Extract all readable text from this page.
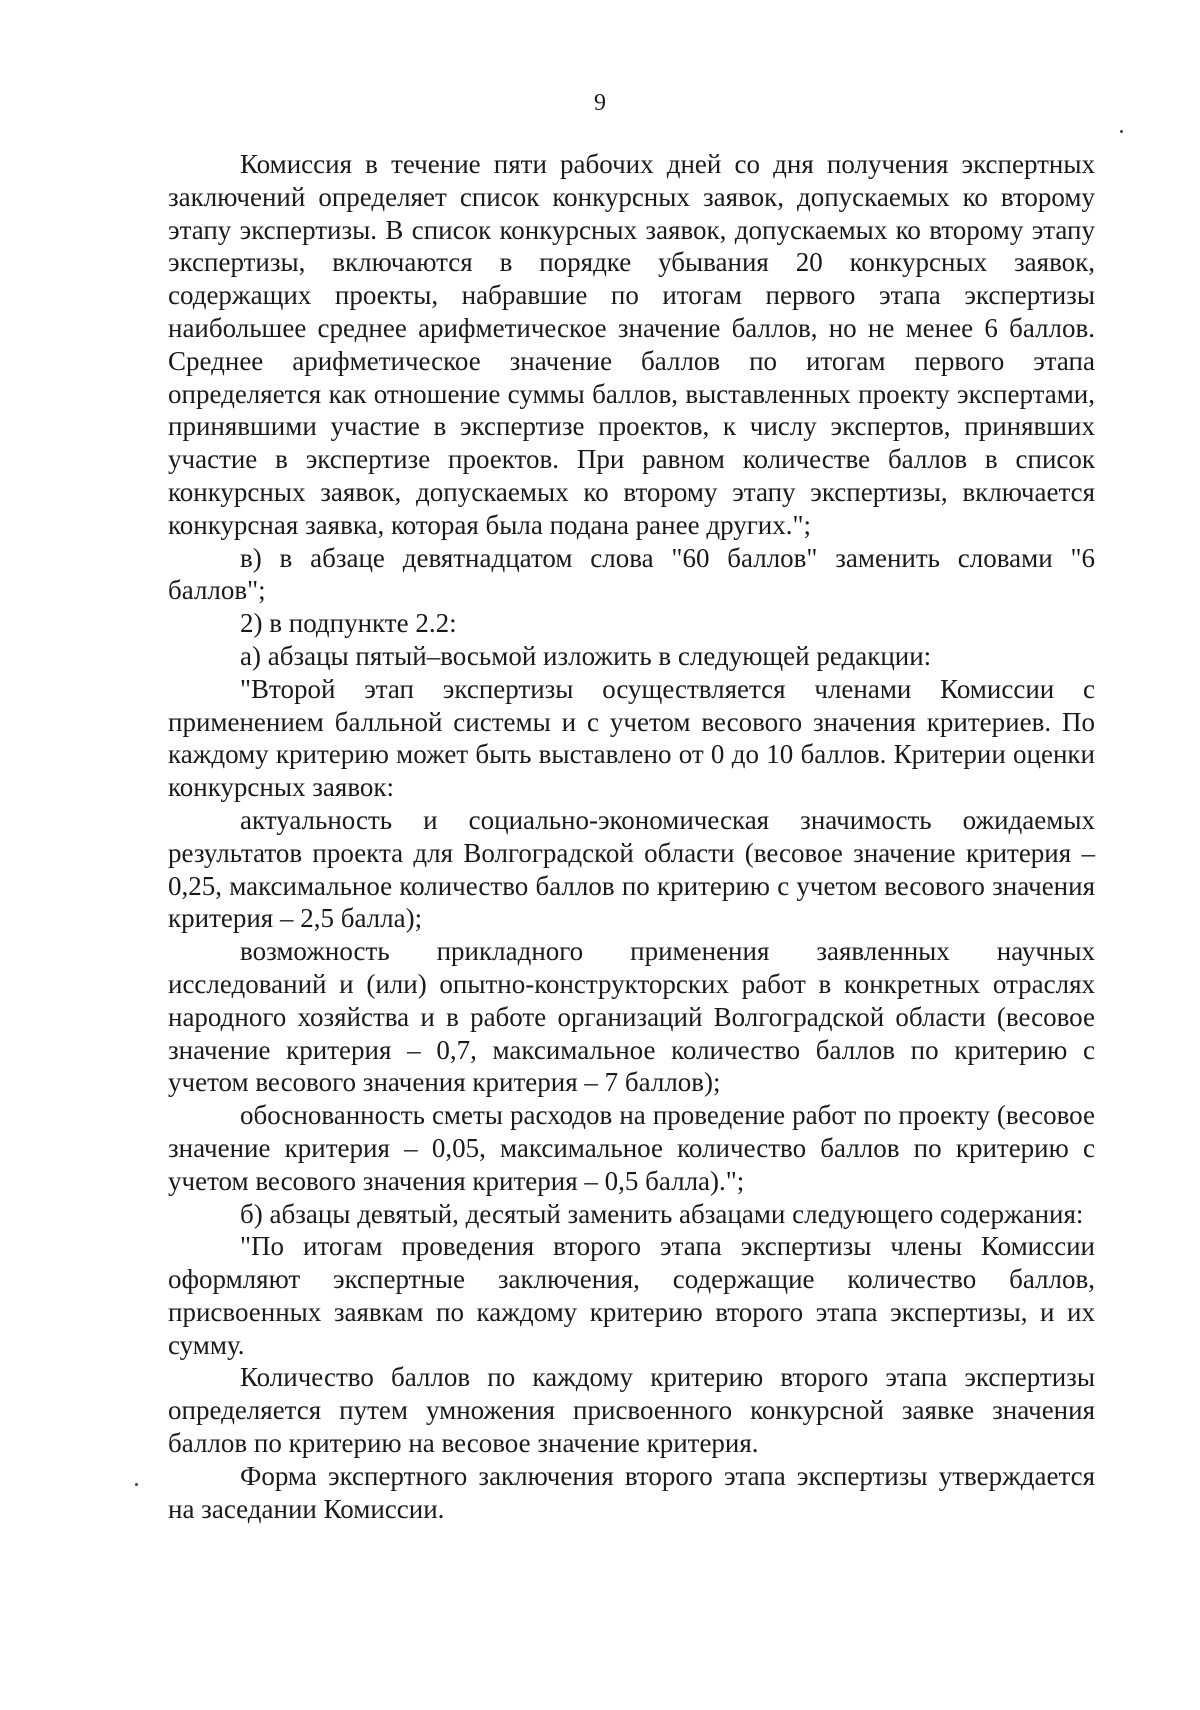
9

Комиссия в течение пяти рабочих дней со дня получения экспертных заключений определяет список конкурсных заявок, допускаемых ко второму этапу экспертизы. В список конкурсных заявок, допускаемых ко второму этапу экспертизы, включаются в порядке убывания 20 конкурсных заявок, содержащих проекты, набравшие по итогам первого этапа экспертизы наибольшее среднее арифметическое значение баллов, но не менее 6 баллов. Среднее арифметическое значение баллов по итогам первого этапа определяется как отношение суммы баллов, выставленных проекту экспертами, принявшими участие в экспертизе проектов, к числу экспертов, принявших участие в экспертизе проектов. При равном количестве баллов в список конкурсных заявок, допускаемых ко второму этапу экспертизы, включается конкурсная заявка, которая была подана ранее других.";

в) в абзаце девятнадцатом слова "60 баллов" заменить словами "6 баллов";

2) в подпункте 2.2:

а) абзацы пятый–восьмой изложить в следующей редакции:

"Второй этап экспертизы осуществляется членами Комиссии с применением балльной системы и с учетом весового значения критериев. По каждому критерию может быть выставлено от 0 до 10 баллов. Критерии оценки конкурсных заявок:

актуальность и социально-экономическая значимость ожидаемых результатов проекта для Волгоградской области (весовое значение критерия – 0,25, максимальное количество баллов по критерию с учетом весового значения критерия – 2,5 балла);

возможность прикладного применения заявленных научных исследований и (или) опытно-конструкторских работ в конкретных отраслях народного хозяйства и в работе организаций Волгоградской области (весовое значение критерия – 0,7, максимальное количество баллов по критерию с учетом весового значения критерия – 7 баллов);

обоснованность сметы расходов на проведение работ по проекту (весовое значение критерия – 0,05, максимальное количество баллов по критерию с учетом весового значения критерия – 0,5 балла).";

б) абзацы девятый, десятый заменить абзацами следующего содержания:

"По итогам проведения второго этапа экспертизы члены Комиссии оформляют экспертные заключения, содержащие количество баллов, присвоенных заявкам по каждому критерию второго этапа экспертизы, и их сумму.

Количество баллов по каждому критерию второго этапа экспертизы определяется путем умножения присвоенного конкурсной заявке значения баллов по критерию на весовое значение критерия.

Форма экспертного заключения второго этапа экспертизы утверждается на заседании Комиссии.
